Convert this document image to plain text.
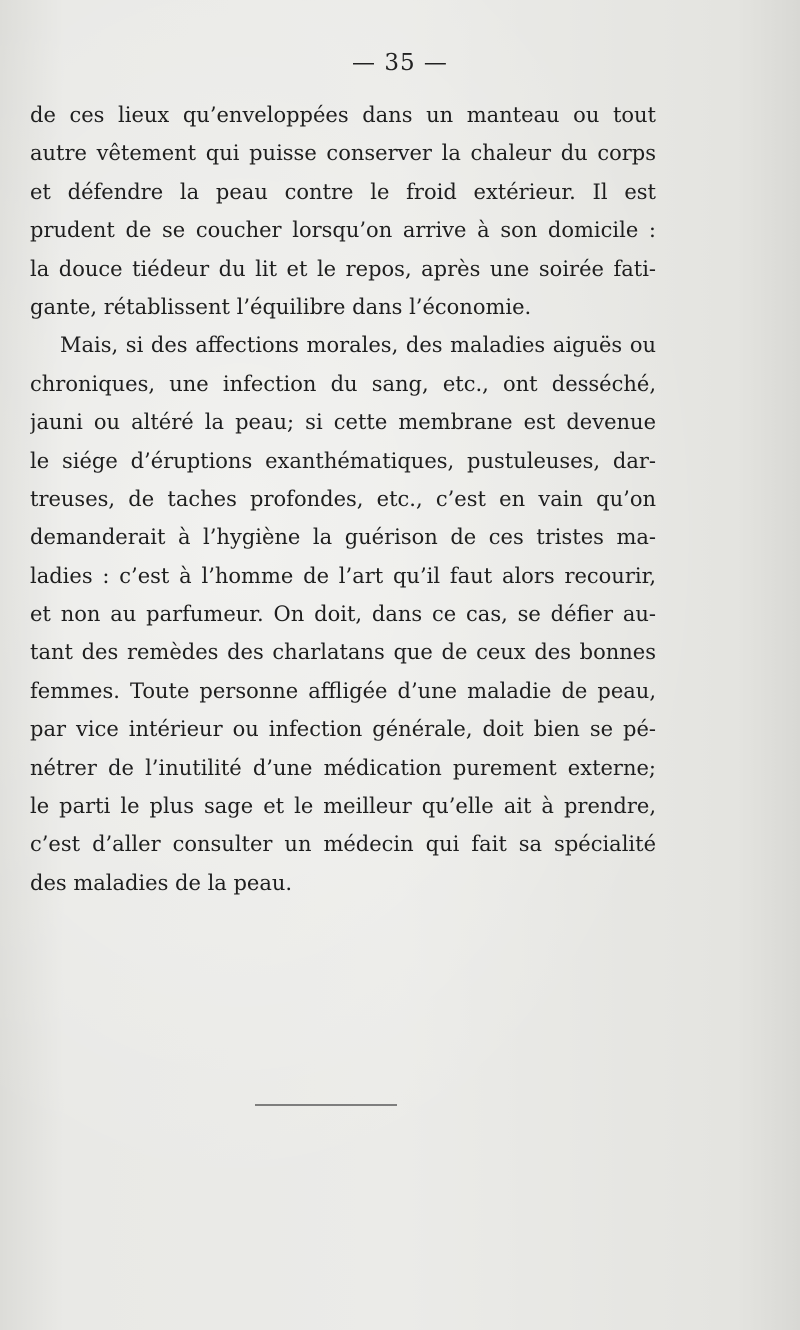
— 35 —
de ces lieux qu’enveloppées dans un manteau ou tout
autre vêtement qui puisse conserver la chaleur du corps
et défendre la peau contre le froid extérieur. Il est
prudent de se coucher lorsqu’on arrive à son domicile :
la douce tiédeur du lit et le repos, après une soirée fati-
gante, rétablissent l’équilibre dans l’économie.
Mais, si des affections morales, des maladies aiguës ou
chroniques, une infection du sang, etc., ont desséché,
jauni ou altéré la peau; si cette membrane est devenue
le siége d’éruptions exanthématiques, pustuleuses, dar-
treuses, de taches profondes, etc., c’est en vain qu’on
demanderait à l’hygiène la guérison de ces tristes ma-
ladies : c’est à l’homme de l’art qu’il faut alors recourir,
et non au parfumeur. On doit, dans ce cas, se défier au-
tant des remèdes des charlatans que de ceux des bonnes
femmes. Toute personne affligée d’une maladie de peau,
par vice intérieur ou infection générale, doit bien se pé-
nétrer de l’inutilité d’une médication purement externe;
le parti le plus sage et le meilleur qu’elle ait à prendre,
c’est d’aller consulter un médecin qui fait sa spécialité
des maladies de la peau.
